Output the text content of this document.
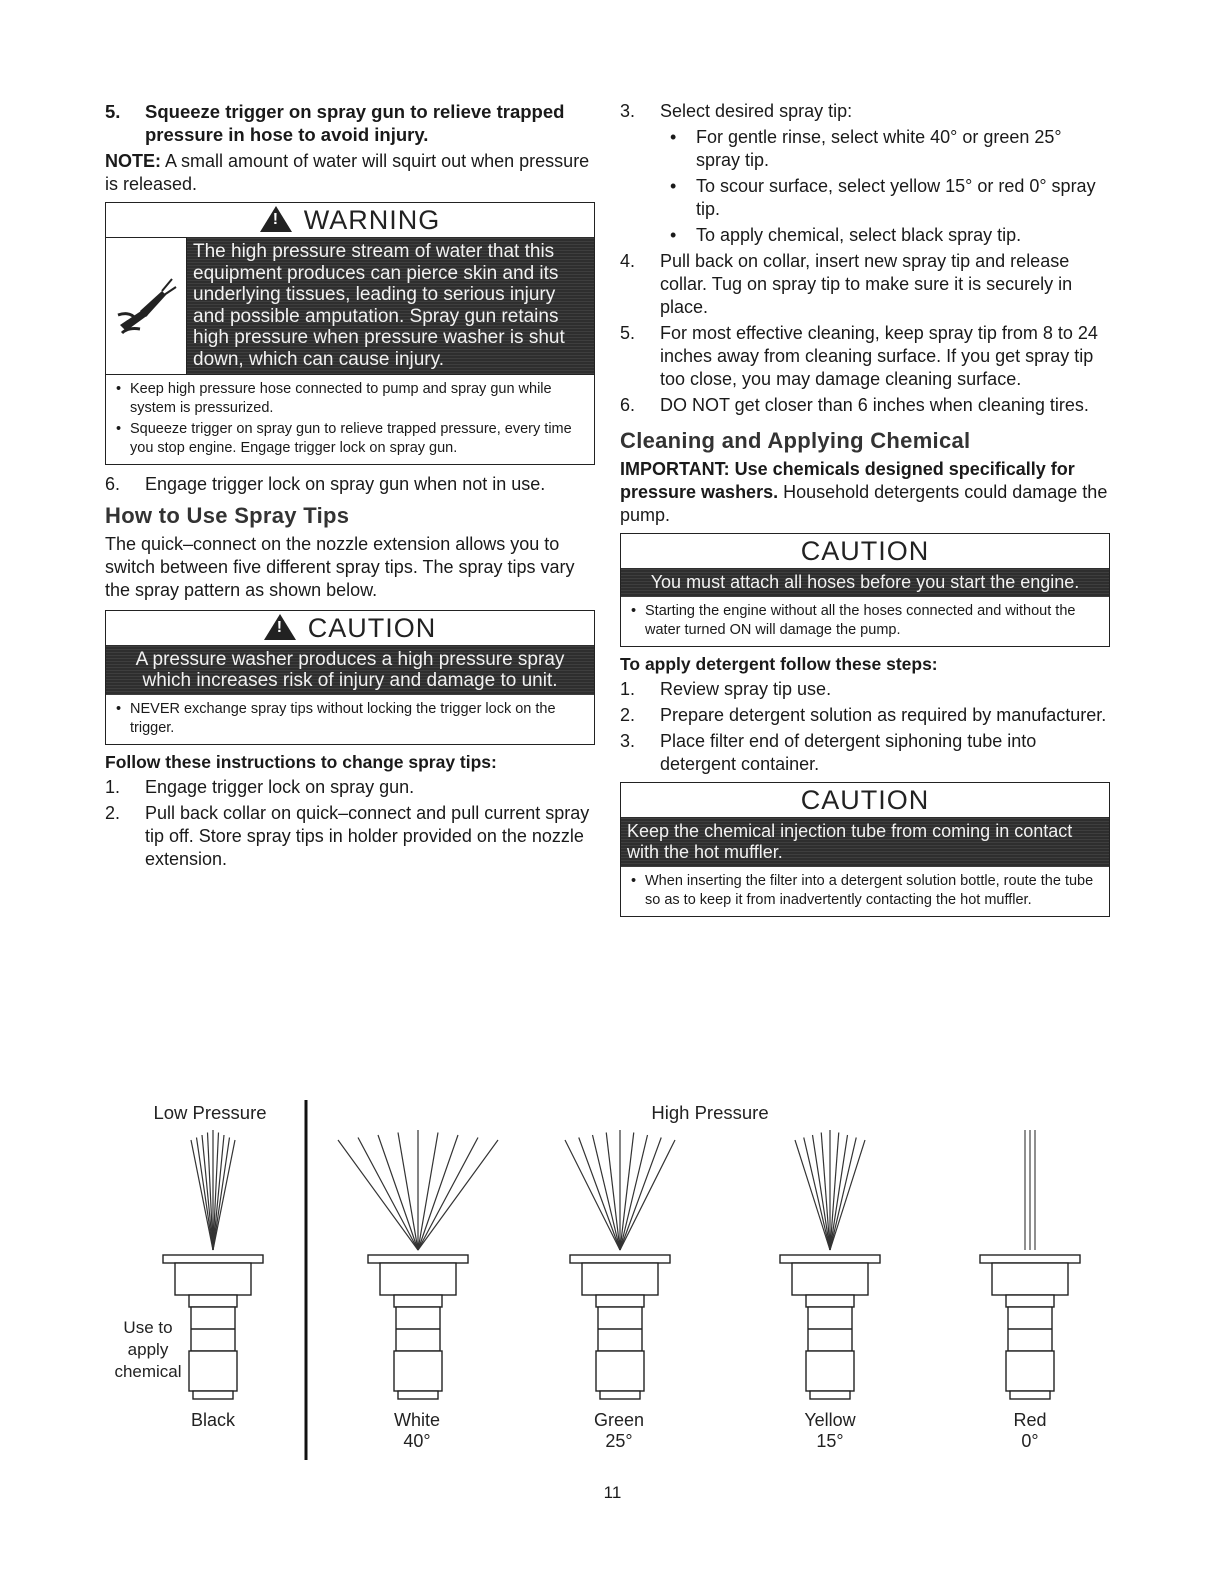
5. Squeeze trigger on spray gun to relieve trapped pressure in hose to avoid injury.
NOTE: A small amount of water will squirt out when pressure is released.
! WARNING
The high pressure stream of water that this equipment produces can pierce skin and its underlying tissues, leading to serious injury and possible amputation. Spray gun retains high pressure when pressure washer is shut down, which can cause injury.
• Keep high pressure hose connected to pump and spray gun while system is pressurized.
• Squeeze trigger on spray gun to relieve trapped pressure, every time you stop engine. Engage trigger lock on spray gun.
6. Engage trigger lock on spray gun when not in use.
How to Use Spray Tips
The quick–connect on the nozzle extension allows you to switch between five different spray tips. The spray tips vary the spray pattern as shown below.
! CAUTION
A pressure washer produces a high pressure spray which increases risk of injury and damage to unit.
• NEVER exchange spray tips without locking the trigger lock on the trigger.
Follow these instructions to change spray tips:
1. Engage trigger lock on spray gun.
2. Pull back collar on quick–connect and pull current spray tip off. Store spray tips in holder provided on the nozzle extension.
3. Select desired spray tip:
• For gentle rinse, select white 40° or green 25° spray tip.
• To scour surface, select yellow 15° or red 0° spray tip.
• To apply chemical, select black spray tip.
4. Pull back on collar, insert new spray tip and release collar. Tug on spray tip to make sure it is securely in place.
5. For most effective cleaning, keep spray tip from 8 to 24 inches away from cleaning surface. If you get spray tip too close, you may damage cleaning surface.
6. DO NOT get closer than 6 inches when cleaning tires.
Cleaning and Applying Chemical
IMPORTANT: Use chemicals designed specifically for pressure washers. Household detergents could damage the pump.
CAUTION
You must attach all hoses before you start the engine.
• Starting the engine without all the hoses connected and without the water turned ON will damage the pump.
To apply detergent follow these steps:
1. Review spray tip use.
2. Prepare detergent solution as required by manufacturer.
3. Place filter end of detergent siphoning tube into detergent container.
CAUTION
Keep the chemical injection tube from coming in contact with the hot muffler.
• When inserting the filter into a detergent solution bottle, route the tube so as to keep it from inadvertently contacting the hot muffler.
Low Pressure	High Pressure
Use to
apply
chemical
Black	White
40°
Green
25°
Yellow
15°
Red
0°
11
